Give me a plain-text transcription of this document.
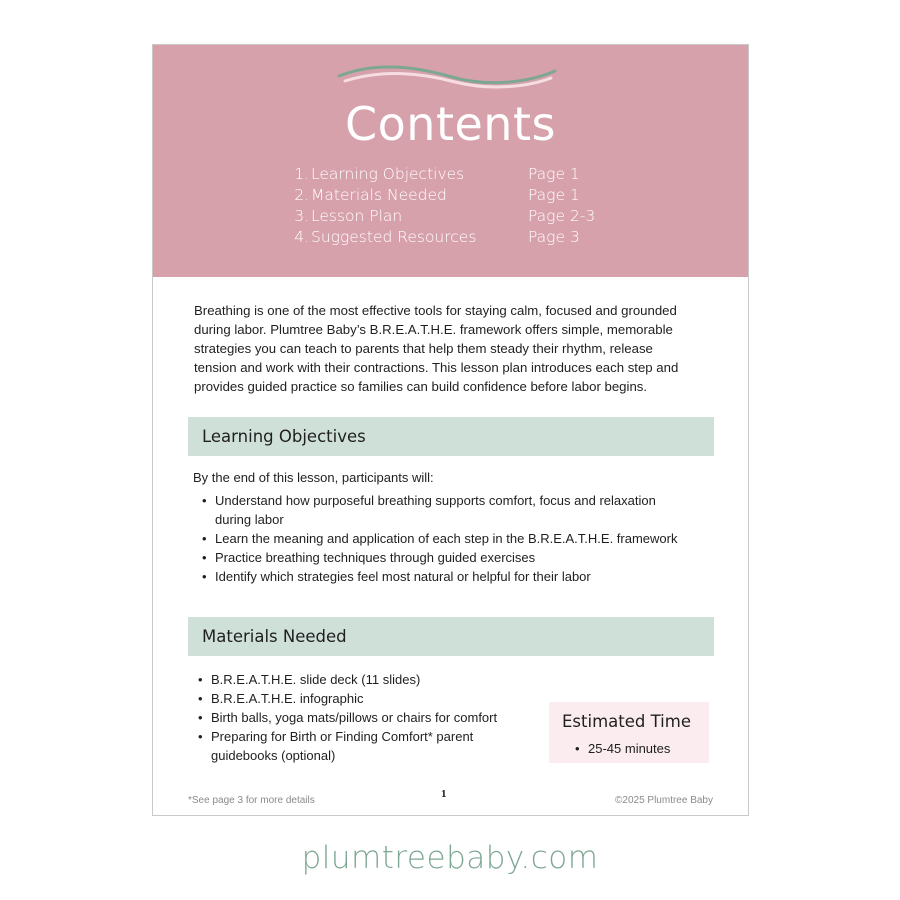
Contents
1. Learning Objectives	Page 1
2. Materials Needed	Page 1
3. Lesson Plan	Page 2-3
4. Suggested Resources	Page 3
Breathing is one of the most effective tools for staying calm, focused and grounded
during labor. Plumtree Baby’s B.R.E.A.T.H.E. framework offers simple, memorable
strategies you can teach to parents that help them steady their rhythm, release
tension and work with their contractions. This lesson plan introduces each step and
provides guided practice so families can build confidence before labor begins.
Learning Objectives
By the end of this lesson, participants will:
• Understand how purposeful breathing supports comfort, focus and relaxation
during labor
• Learn the meaning and application of each step in the B.R.E.A.T.H.E. framework
• Practice breathing techniques through guided exercises
• Identify which strategies feel most natural or helpful for their labor
Materials Needed
• B.R.E.A.T.H.E. slide deck (11 slides)
• B.R.E.A.T.H.E. infographic
• Birth balls, yoga mats/pillows or chairs for comfort
• Preparing for Birth or Finding Comfort* parent
guidebooks (optional)
Estimated Time
• 25-45 minutes
*See page 3 for more details
1
©2025 Plumtree Baby
plumtreebaby.com
